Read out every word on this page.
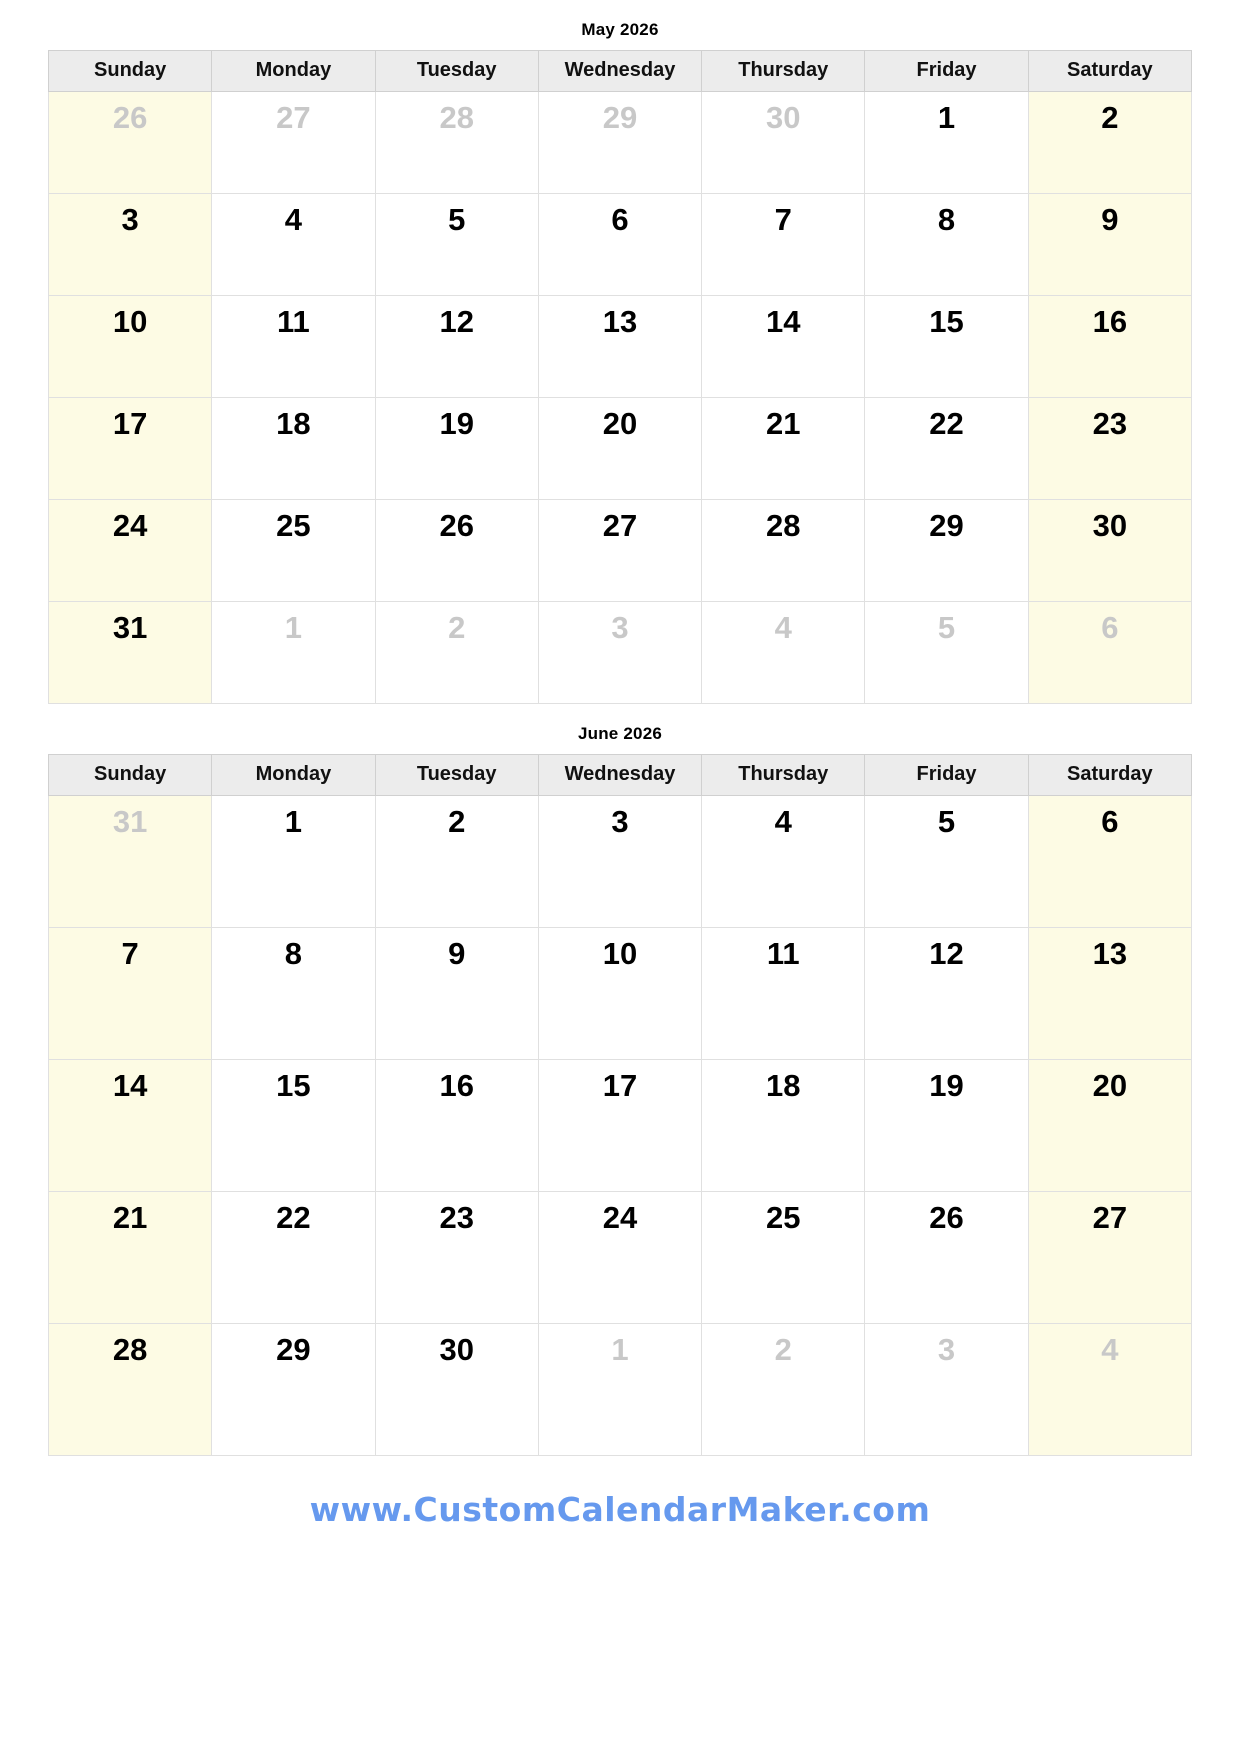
May 2026
Sunday	Monday	Tuesday	Wednesday	Thursday	Friday	Saturday
26	27	28	29	30	1	2
3	4	5	6	7	8	9
10	11	12	13	14	15	16
17	18	19	20	21	22	23
24	25	26	27	28	29	30
31	1	2	3	4	5	6
June 2026
Sunday	Monday	Tuesday	Wednesday	Thursday	Friday	Saturday
31	1	2	3	4	5	6
7	8	9	10	11	12	13
14	15	16	17	18	19	20
21	22	23	24	25	26	27
28	29	30	1	2	3	4
www.CustomCalendarMaker.com
